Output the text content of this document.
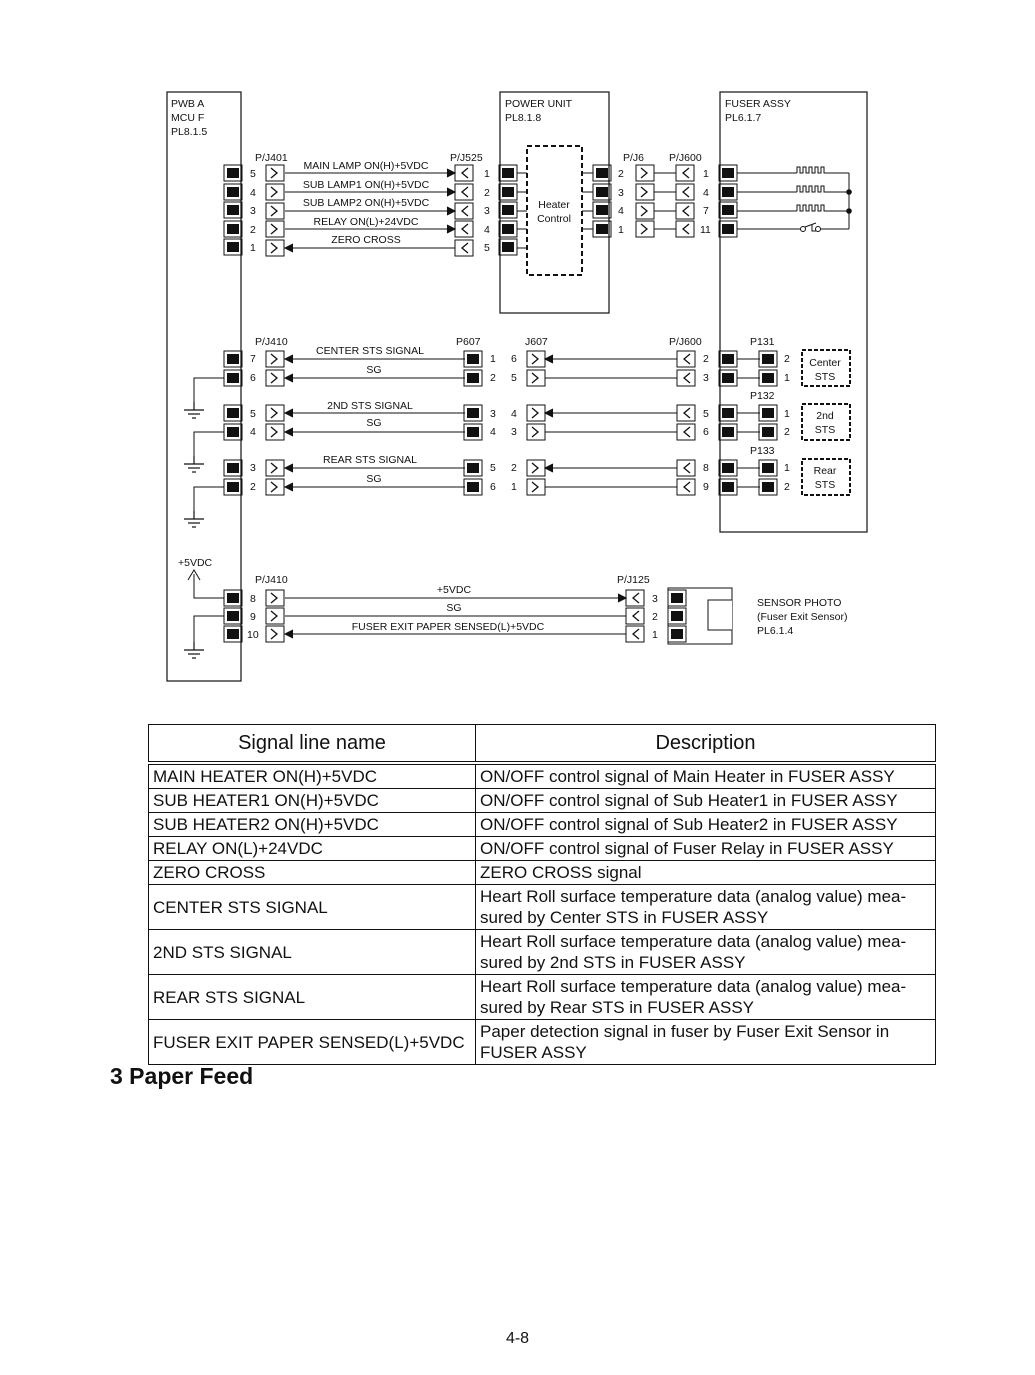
PWB A
MCU F
PL8.1.5
POWER UNIT
PL8.1.8
FUSER ASSY
PL6.1.7
Heater
Control
P/J401	P/J525	P/J6 P/J600
P/J410	P607	J607	P/J600	P131
P132
P133
P/J410	P/J125
MAIN LAMP ON(H)+5VDC
SUB LAMP1 ON(H)+5VDC
SUB LAMP2 ON(H)+5VDC
RELAY ON(L)+24VDC
ZERO CROSS
CENTER STS SIGNAL
SG
2ND STS SIGNAL
SG
REAR STS SIGNAL
SG
+5VDC
SG
FUSER EXIT PAPER SENSED(L)+5VDC
5
4
3
2
1
1
2
3
4
5
2
3
4
1
1
4
7
11
7
6
5
4
3
2
1
2
3
4
5
6
6
5
4
3
2
1
2
3
5
6
8
9
2
1
1
2
1
2
8
9
10
3
2
1
Center
STS
2nd
STS
Rear
STS
+5VDC
SENSOR PHOTO
(Fuser Exit Sensor)
PL6.1.4
Signal line name	Description
MAIN HEATER ON(H)+5VDC	ON/OFF control signal of Main Heater in FUSER ASSY
SUB HEATER1 ON(H)+5VDC	ON/OFF control signal of Sub Heater1 in FUSER ASSY
SUB HEATER2 ON(H)+5VDC	ON/OFF control signal of Sub Heater2 in FUSER ASSY
RELAY ON(L)+24VDC	ON/OFF control signal of Fuser Relay in FUSER ASSY
ZERO CROSS	ZERO CROSS signal
CENTER STS SIGNAL	Heart Roll surface temperature data (analog value) mea-sured by Center STS in FUSER ASSY
2ND STS SIGNAL	Heart Roll surface temperature data (analog value) mea-sured by 2nd STS in FUSER ASSY
REAR STS SIGNAL	Heart Roll surface temperature data (analog value) mea-sured by Rear STS in FUSER ASSY
FUSER EXIT PAPER SENSED(L)+5VDC	Paper detection signal in fuser by Fuser Exit Sensor in FUSER ASSY
3 Paper Feed
4-8
